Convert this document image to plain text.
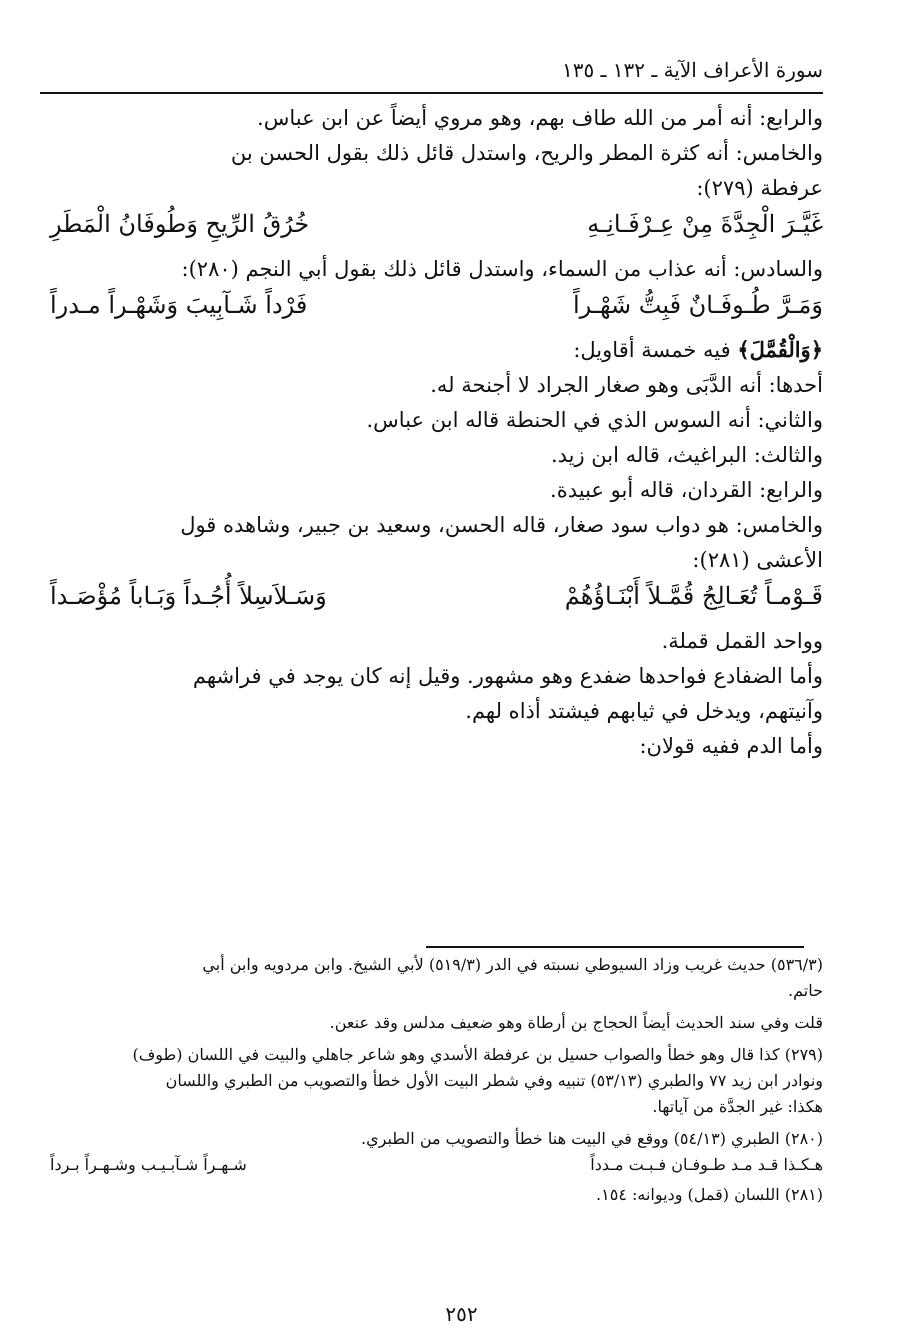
سورة الأعراف الآية ـ ١٣٢ ـ ١٣٥
والرابع: أنه أمر من الله طاف بهم، وهو مروي أيضاً عن ابن عباس.
والخامس: أنه كثرة المطر والريح، واستدل قائل ذلك بقول الحسن بن
عرفطة (٢٧٩):
غَيَّـرَ الْجِدَّةَ مِنْ عِـرْفَـانِـهِ
خُرُقُ الرِّيحِ وَطُوفَانُ الْمَطَرِ
والسادس: أنه عذاب من السماء، واستدل قائل ذلك بقول أبي النجم (٢٨٠):
وَمَـرَّ طُـوفَـانٌ فَبِتُّ شَهْـراً
فَرْداً شَـآبِيبَ وَشَهْـراً مـدراً
﴿وَالْقُمَّلَ﴾ فيه خمسة أقاويل:
أحدها: أنه الدَّبَى وهو صغار الجراد لا أجنحة له.
والثاني: أنه السوس الذي في الحنطة قاله ابن عباس.
والثالث: البراغيث، قاله ابن زيد.
والرابع: القردان، قاله أبو عبيدة.
والخامس: هو دواب سود صغار، قاله الحسن، وسعيد بن جبير، وشاهده قول
الأعشى (٢٨١):
قَـوْمـاً تُعَـالِجُ قُمَّـلاً أَبْنَـاؤُهُمْ
وَسَـلاَسِلاً أُجُـداً وَبَـاباً مُؤْصَـداً
وواحد القمل قملة.
وأما الضفادع فواحدها ضفدع وهو مشهور. وقيل إنه كان يوجد في فراشهم
وآنيتهم، ويدخل في ثيابهم فيشتد أذاه لهم.
وأما الدم ففيه قولان:
(٥٣٦/٣) حديث غريب وزاد السيوطي نسبته في الدر (٥١٩/٣) لأبي الشيخ. وابن مردويه وابن أبي
حاتم.
قلت وفي سند الحديث أيضاً الحجاج بن أرطاة وهو ضعيف مدلس وقد عنعن.
(٢٧٩) كذا قال وهو خطأ والصواب حسيل بن عرفطة الأسدي وهو شاعر جاهلي والبيت في اللسان (طوف)
ونوادر ابن زيد ٧٧ والطبري (٥٣/١٣) تنبيه وفي شطر البيت الأول خطأ والتصويب من الطبري واللسان
هكذا: غير الجدَّة من آياتها.
(٢٨٠) الطبري (٥٤/١٣) ووقع في البيت هنا خطأ والتصويب من الطبري.
هـكـذا قـد مـد طـوفـان فـبـت مـدداً
شـهـراً شـآبـيـب وشـهـراً بـرداً
(٢٨١) اللسان (قمل) وديوانه: ١٥٤.
٢٥٢
